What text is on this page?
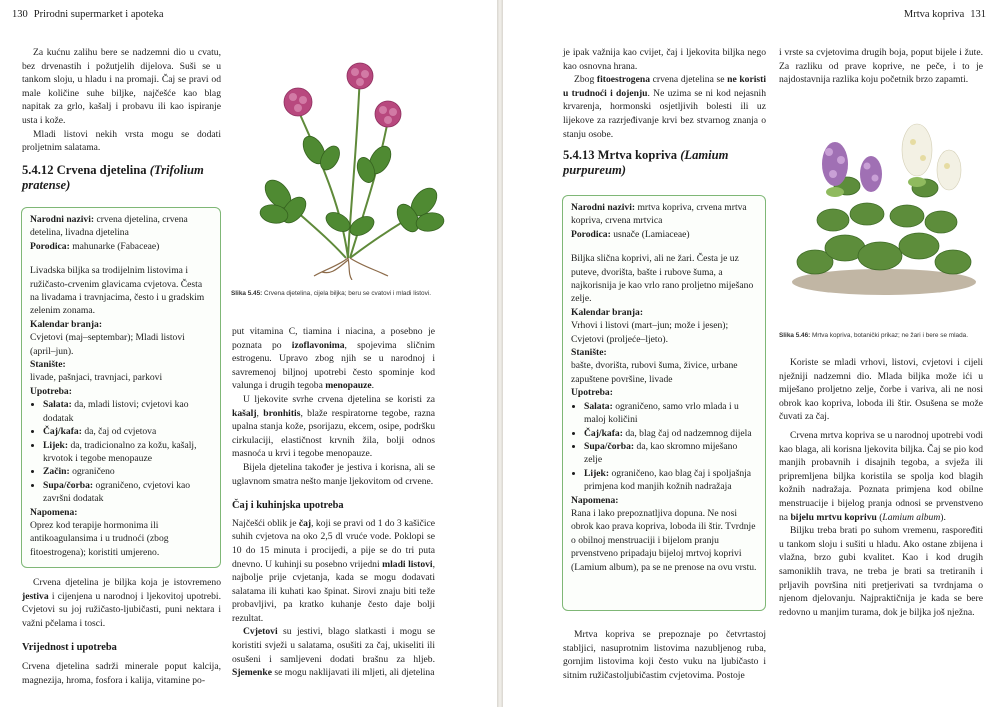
130 Prirodni supermarket i apoteka

Za kućnu zalihu bere se nadzemni dio u cvatu, bez drvenastih i požutjelih dijelova. Suši se u tankom sloju, u hladu i na promaji. Čaj se pravi od male količine suhe biljke, najčešće kao blag napitak za grlo, kašalj i probavu ili kao ispiranje usta i kože.

Mladi listovi nekih vrsta mogu se dodati proljetnim salatama.

5.4.12 Crvena djetelina (Trifolium pratense)
Narodni nazivi: crvena djetelina, crvena detelina, livadna djetelina
Porodica: mahunarke (Fabaceae)
Livadska biljka sa trodijelnim listovima i ružičasto-crvenim glavicama cvjetova. Česta na livadama i travnjacima, često i u gradskim zelenim zonama.
Kalendar branja:
Cvjetovi (maj–septembar); Mladi listovi (april–jun).
Stanište:
livade, pašnjaci, travnjaci, parkovi
Upotreba:
• Salata: da, mladi listovi; cvjetovi kao dodatak
• Čaj/kafa: da, čaj od cvjetova
• Lijek: da, tradicionalno za kožu, kašalj, krvotok i tegobe menopauze
• Začin: ograničeno
• Supa/čorba: ograničeno, cvjetovi kao završni dodatak
Napomena:
Oprez kod terapije hormonima ili antikoagulansima i u trudnoći (zbog fitoestrogena); koristiti umjereno.
Slika 5.45: Crvena djetelina, cijela biljka; beru se cvatovi i mladi listovi.

Crvena djetelina je biljka koja je istovremeno jestiva i cijenjena u narodnoj i ljekovitoj upotrebi. Cvjetovi su joj ružičasto-ljubičasti, puni nektara i važni pčelama i tosci.

Vrijednost i upotreba

Crvena djetelina sadrži minerale poput kalcija, magnezija, hroma, fosfora i kalija, vitamine po-

put vitamina C, tiamina i niacina, a posebno je poznata po izoflavonima, spojevima sličnim estrogenu. Upravo zbog njih se u narodnoj i savremenoj biljnoj upotrebi često spominje kod valunga i drugih tegoba menopauze.

U ljekovite svrhe crvena djetelina se koristi za kašalj, bronhitis, blaže respiratorne tegobe, razna upalna stanja kože, psorijazu, ekcem, osipe, podršku cirkulaciji, elastičnost krvnih žila, bolji odnos masnoća u krvi i tegobe menopauze.

Bijela djetelina također je jestiva i korisna, ali se uglavnom smatra nešto manje ljekovitom od crvene.

Čaj i kuhinjska upotreba

Najčešći oblik je čaj, koji se pravi od 1 do 3 kašičice suhih cvjetova na oko 2,5 dl vruće vode. Poklopi se 10 do 15 minuta i procijedi, a pije se do tri puta dnevno. U kuhinji su posebno vrijedni mladi listovi, najbolje prije cvjetanja, kada se mogu dodavati salatama ili kuhati kao špinat. Sirovi znaju biti teže probavljivi, pa kratko kuhanje često daje bolji rezultat.

Cvjetovi su jestivi, blago slatkasti i mogu se koristiti svježi u salatama, osušiti za čaj, ukiseliti ili osušeni i samljeveni dodati brašnu za hljeb. Sjemenke se mogu naklijavati ili mljeti, ali djetelina

Mrtva kopriva 131

je ipak važnija kao cvijet, čaj i ljekovita biljka nego kao osnovna hrana.

Zbog fitoestrogena crvena djetelina se ne koristi u trudnoći i dojenju. Ne uzima se ni kod nejasnih krvarenja, hormonski osjetljivih bolesti ili uz lijekove za razrjeđivanje krvi bez stvarnog znanja o stanju osobe.

5.4.13 Mrtva kopriva (Lamium purpureum)
Narodni nazivi: mrtva kopriva, crvena mrtva kopriva, crvena mrtvica
Porodica: usnače (Lamiaceae)
Biljka slična koprivi, ali ne žari. Česta je uz puteve, dvorišta, bašte i rubove šuma, a najkorisnija je kao vrlo rano proljetno miješano zelje.
Kalendar branja:
Vrhovi i listovi (mart–jun; može i jesen); Cvjetovi (proljeće–ljeto).
Stanište:
bašte, dvorišta, rubovi šuma, živice, urbane zapuštene površine, livade
Upotreba:
• Salata: ograničeno, samo vrlo mlada i u maloj količini
• Čaj/kafa: da, blag čaj od nadzemnog dijela
• Supa/čorba: da, kao skromno miješano zelje
• Lijek: ograničeno, kao blag čaj i spoljašnja primjena kod manjih kožnih nadražaja
Napomena:
Rana i lako prepoznatljiva dopuna. Ne nosi obrok kao prava kopriva, loboda ili štir. Tvrdnje o obilnoj menstruaciji i bijelom pranju prvenstveno pripadaju bijeloj mrtvoj koprivi (Lamium album), pa se ne prenose na ovu vrstu.

Mrtva kopriva se prepoznaje po četvrtastoj stabljici, nasuprotnim listovima nazubljenog ruba, gornjim listovima koji često vuku na ljubičasto i sitnim ružičastoljubičastim cvjetovima. Postoje

i vrste sa cvjetovima drugih boja, poput bijele i žute. Za razliku od prave koprive, ne peče, i to je najdostavnija razlika koju početnik brzo zapamti.

Slika 5.46: Mrtva kopriva, botanički prikaz; ne žari i bere se mlada.

Koriste se mladi vrhovi, listovi, cvjetovi i cijeli nježniji nadzemni dio. Mlada biljka može ići u miješano proljetno zelje, čorbe i variva, ali ne nosi obrok kao kopriva, loboda ili štir. Osušena se može čuvati za čaj.

Crvena mrtva kopriva se u narodnoj upotrebi vodi kao blaga, ali korisna ljekovita biljka. Čaj se pio kod manjih probavnih i disajnih tegoba, a svježa ili pripremljena biljka koristila se spolja kod blagih kožnih nadražaja. Poznata primjena kod obilne menstruacije i bijelog pranja odnosi se prvenstveno na bijelu mrtvu koprivu (Lamium album).

Biljku treba brati po suhom vremenu, raspoređiti u tankom sloju i sušiti u hladu. Ako ostane zbijena i vlažna, brzo gubi kvalitet. Kao i kod drugih samoniklih trava, ne treba je brati sa tretiranih i prljavih površina niti pretjerivati sa tvrdnjama o njenom djelovanju. Najpraktičnija je kada se bere redovno u manjim turama, dok je biljka još nježna.
